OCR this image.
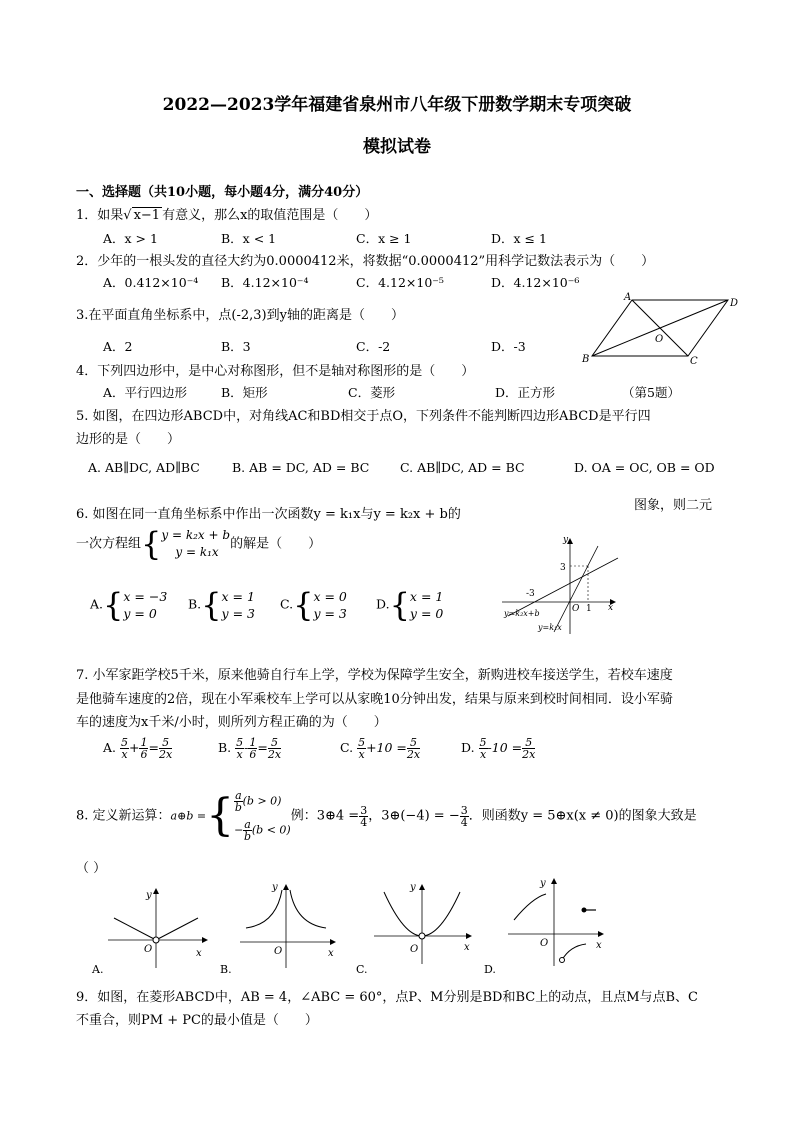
2022—2023学年福建省泉州市八年级下册数学期末专项突破
模拟试卷
一、选择题（共10小题，每小题4分，满分40分）
1．如果√ x−1 有意义，那么x的取值范围是（　　）
A．x > 1	B．x < 1	C．x ≥ 1	D．x ≤ 1
2．少年的一根头发的直径大约为0.0000412米，将数据“0.0000412”用科学记数法表示为（　　）
A．0.412×10⁻⁴ B．4.12×10⁻⁴	C．4.12×10⁻⁵	D．4.12×10⁻⁶
3.在平面直角坐标系中，点(-2,3)到y轴的距离是（　　）
A．2	B．3	C．-2	D．-3
A
D
B	C
O
4．下列四边形中，是中心对称图形，但不是轴对称图形的是（　　）
A．平行四边形	B．矩形	C．菱形	D．正方形	（第5题）
5. 如图，在四边形ABCD中，对角线AC和BD相交于点O，下列条件不能判断四边形ABCD是平行四
边形的是（　　）
A. AB∥DC, AD∥BC	B. AB = DC, AD = BC C. AB∥DC, AD = BC	D. OA = OC, OB = OD
6. 如图在同一直角坐标系中作出一次函数y = k₁x与y = k₂x + b的
图象，则二元
一次方程组{ y = k₂x + b
y = k₁x
的解是（　　）
A.{ x = −3
y = 0
B.{ x = 1
y = 3
C.{ x = 0
y = 3
D.{ x = 1
y = 0
y
x
O
3
-3
1
y=k₂x+b
y=k₁x
7. 小军家距学校5千米，原来他骑自行车上学，学校为保障学生安全，新购进校车接送学生，若校车速度
是他骑车速度的2倍，现在小军乘校车上学可以从家晚10分钟出发，结果与原来到校时间相同．设小军骑
车的速度为x千米/小时，则所列方程正确的为（　　）
A. $\frac{5}{x} + \frac{1}{6} = \frac{5}{2x}$	B. $\frac{5}{x} - \frac{1}{6} = \frac{5}{2x}$	C. $\frac{5}{x} +10 = \frac{5}{2x}$	D. $\frac{5}{x} -10 = \frac{5}{2x}$
8. 定义新运算：a⊕b ={ $\frac{a}{b} (b > 0)$
− $\frac{a}{b} (b < 0)$
例：3⊕4 = $\frac{3}{4}$ ，3⊕(−4) = − $\frac{3}{4}$ ．则函数y = 5⊕x(x ≠ 0)的图象大致是
（ ）
y
x
O
A.
y
x
O
B.
y
x
O
C.
y
x
O
D.
9．如图，在菱形ABCD中，AB = 4，∠ABC = 60°，点P、M分别是BD和BC上的动点，且点M与点B、C
不重合，则PM + PC的最小值是（　　）
